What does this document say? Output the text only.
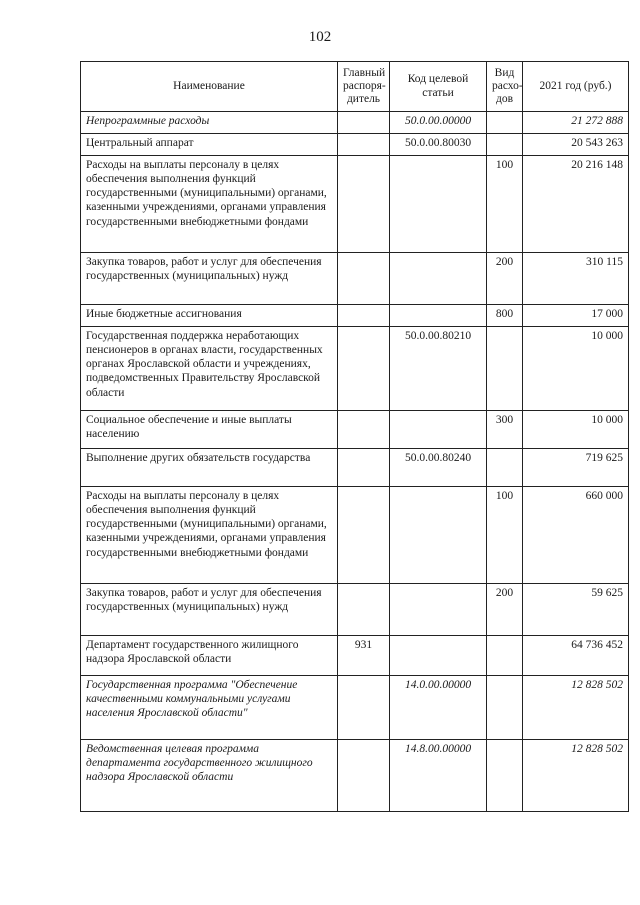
102
Наименование	Главный распоря-дитель	Код целевой статьи	Вид расхо-дов	2021 год (руб.)
Непрограммные расходы		50.0.00.00000		21 272 888
Центральный аппарат		50.0.00.80030		20 543 263
Расходы на выплаты персоналу в целях обеспечения выполнения функций государственными (муниципальными) органами, казенными учреждениями, органами управления государственными внебюджетными фондами			100	20 216 148
Закупка товаров, работ и услуг для обеспечения государственных (муниципальных) нужд			200	310 115
Иные бюджетные ассигнования			800	17 000
Государственная поддержка неработающих пенсионеров в органах власти, государственных органах Ярославской области и учреждениях, подведомственных Правительству Ярославской области		50.0.00.80210		10 000
Социальное обеспечение и иные выплаты населению			300	10 000
Выполнение других обязательств государства		50.0.00.80240		719 625
Расходы на выплаты персоналу в целях обеспечения выполнения функций государственными (муниципальными) органами, казенными учреждениями, органами управления государственными внебюджетными фондами			100	660 000
Закупка товаров, работ и услуг для обеспечения государственных (муниципальных) нужд			200	59 625
Департамент государственного жилищного надзора Ярославской области	931			64 736 452
Государственная программа "Обеспечение качественными коммунальными услугами населения Ярославской области"		14.0.00.00000		12 828 502
Ведомственная целевая программа департамента государственного жилищного надзора Ярославской области		14.8.00.00000		12 828 502
